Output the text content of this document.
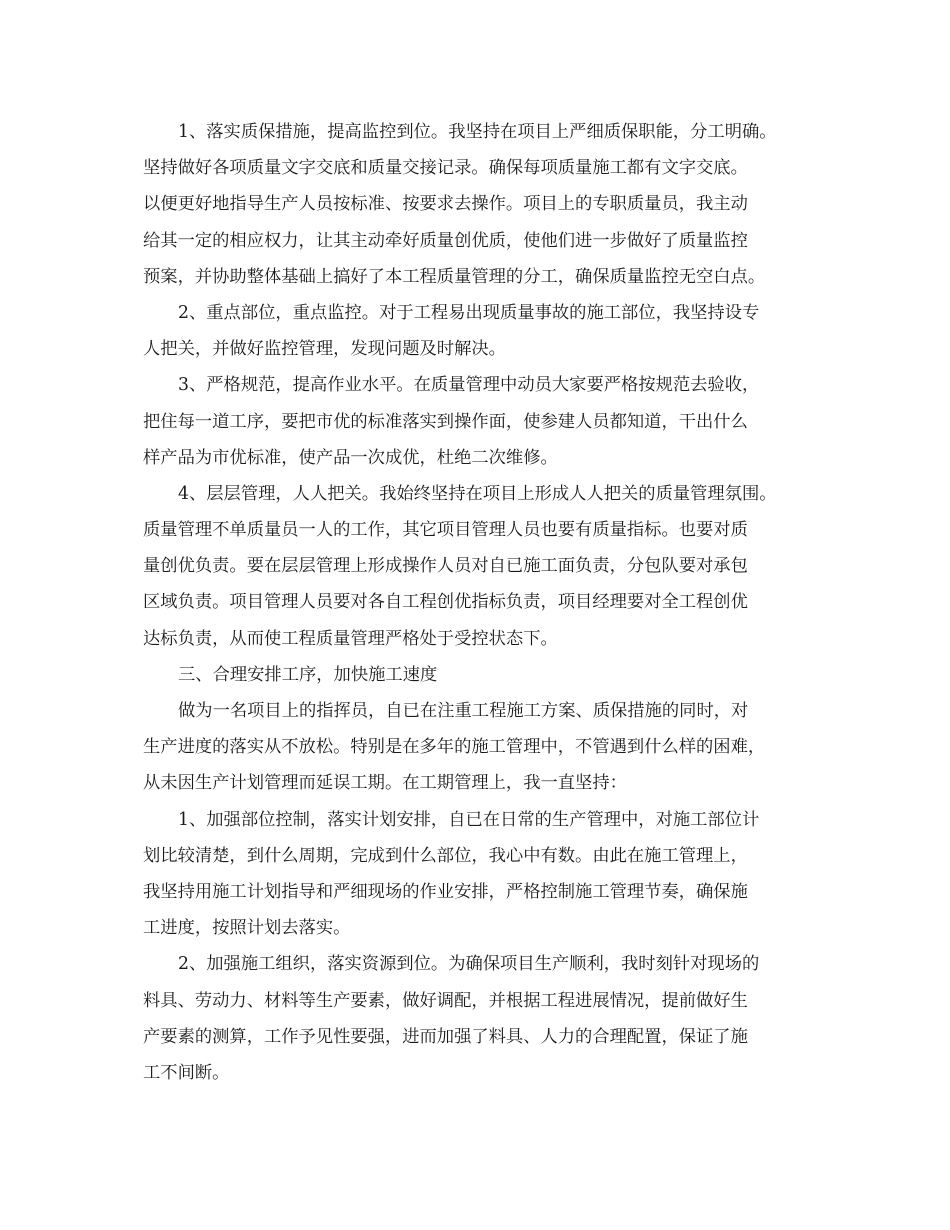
1、落实质保措施，提高监控到位。我坚持在项目上严细质保职能，分工明确。
坚持做好各项质量文字交底和质量交接记录。确保每项质量施工都有文字交底。
以便更好地指导生产人员按标准、按要求去操作。项目上的专职质量员，我主动
给其一定的相应权力，让其主动牵好质量创优质，使他们进一步做好了质量监控
预案，并协助整体基础上搞好了本工程质量管理的分工，确保质量监控无空白点。
2、重点部位，重点监控。对于工程易出现质量事故的施工部位，我坚持设专
人把关，并做好监控管理，发现问题及时解决。
3、严格规范，提高作业水平。在质量管理中动员大家要严格按规范去验收，
把住每一道工序，要把市优的标准落实到操作面，使参建人员都知道，干出什么
样产品为市优标准，使产品一次成优，杜绝二次维修。
4、层层管理，人人把关。我始终坚持在项目上形成人人把关的质量管理氛围。
质量管理不单质量员一人的工作，其它项目管理人员也要有质量指标。也要对质
量创优负责。要在层层管理上形成操作人员对自已施工面负责，分包队要对承包
区域负责。项目管理人员要对各自工程创优指标负责，项目经理要对全工程创优
达标负责，从而使工程质量管理严格处于受控状态下。
三、合理安排工序，加快施工速度
做为一名项目上的指挥员，自已在注重工程施工方案、质保措施的同时，对
生产进度的落实从不放松。特别是在多年的施工管理中，不管遇到什么样的困难，
从未因生产计划管理而延误工期。在工期管理上，我一直坚持：
1、加强部位控制，落实计划安排，自已在日常的生产管理中，对施工部位计
划比较清楚，到什么周期，完成到什么部位，我心中有数。由此在施工管理上，
我坚持用施工计划指导和严细现场的作业安排，严格控制施工管理节奏，确保施
工进度，按照计划去落实。
2、加强施工组织，落实资源到位。为确保项目生产顺利，我时刻针对现场的
料具、劳动力、材料等生产要素，做好调配，并根据工程进展情况，提前做好生
产要素的测算，工作予见性要强，进而加强了料具、人力的合理配置，保证了施
工不间断。
